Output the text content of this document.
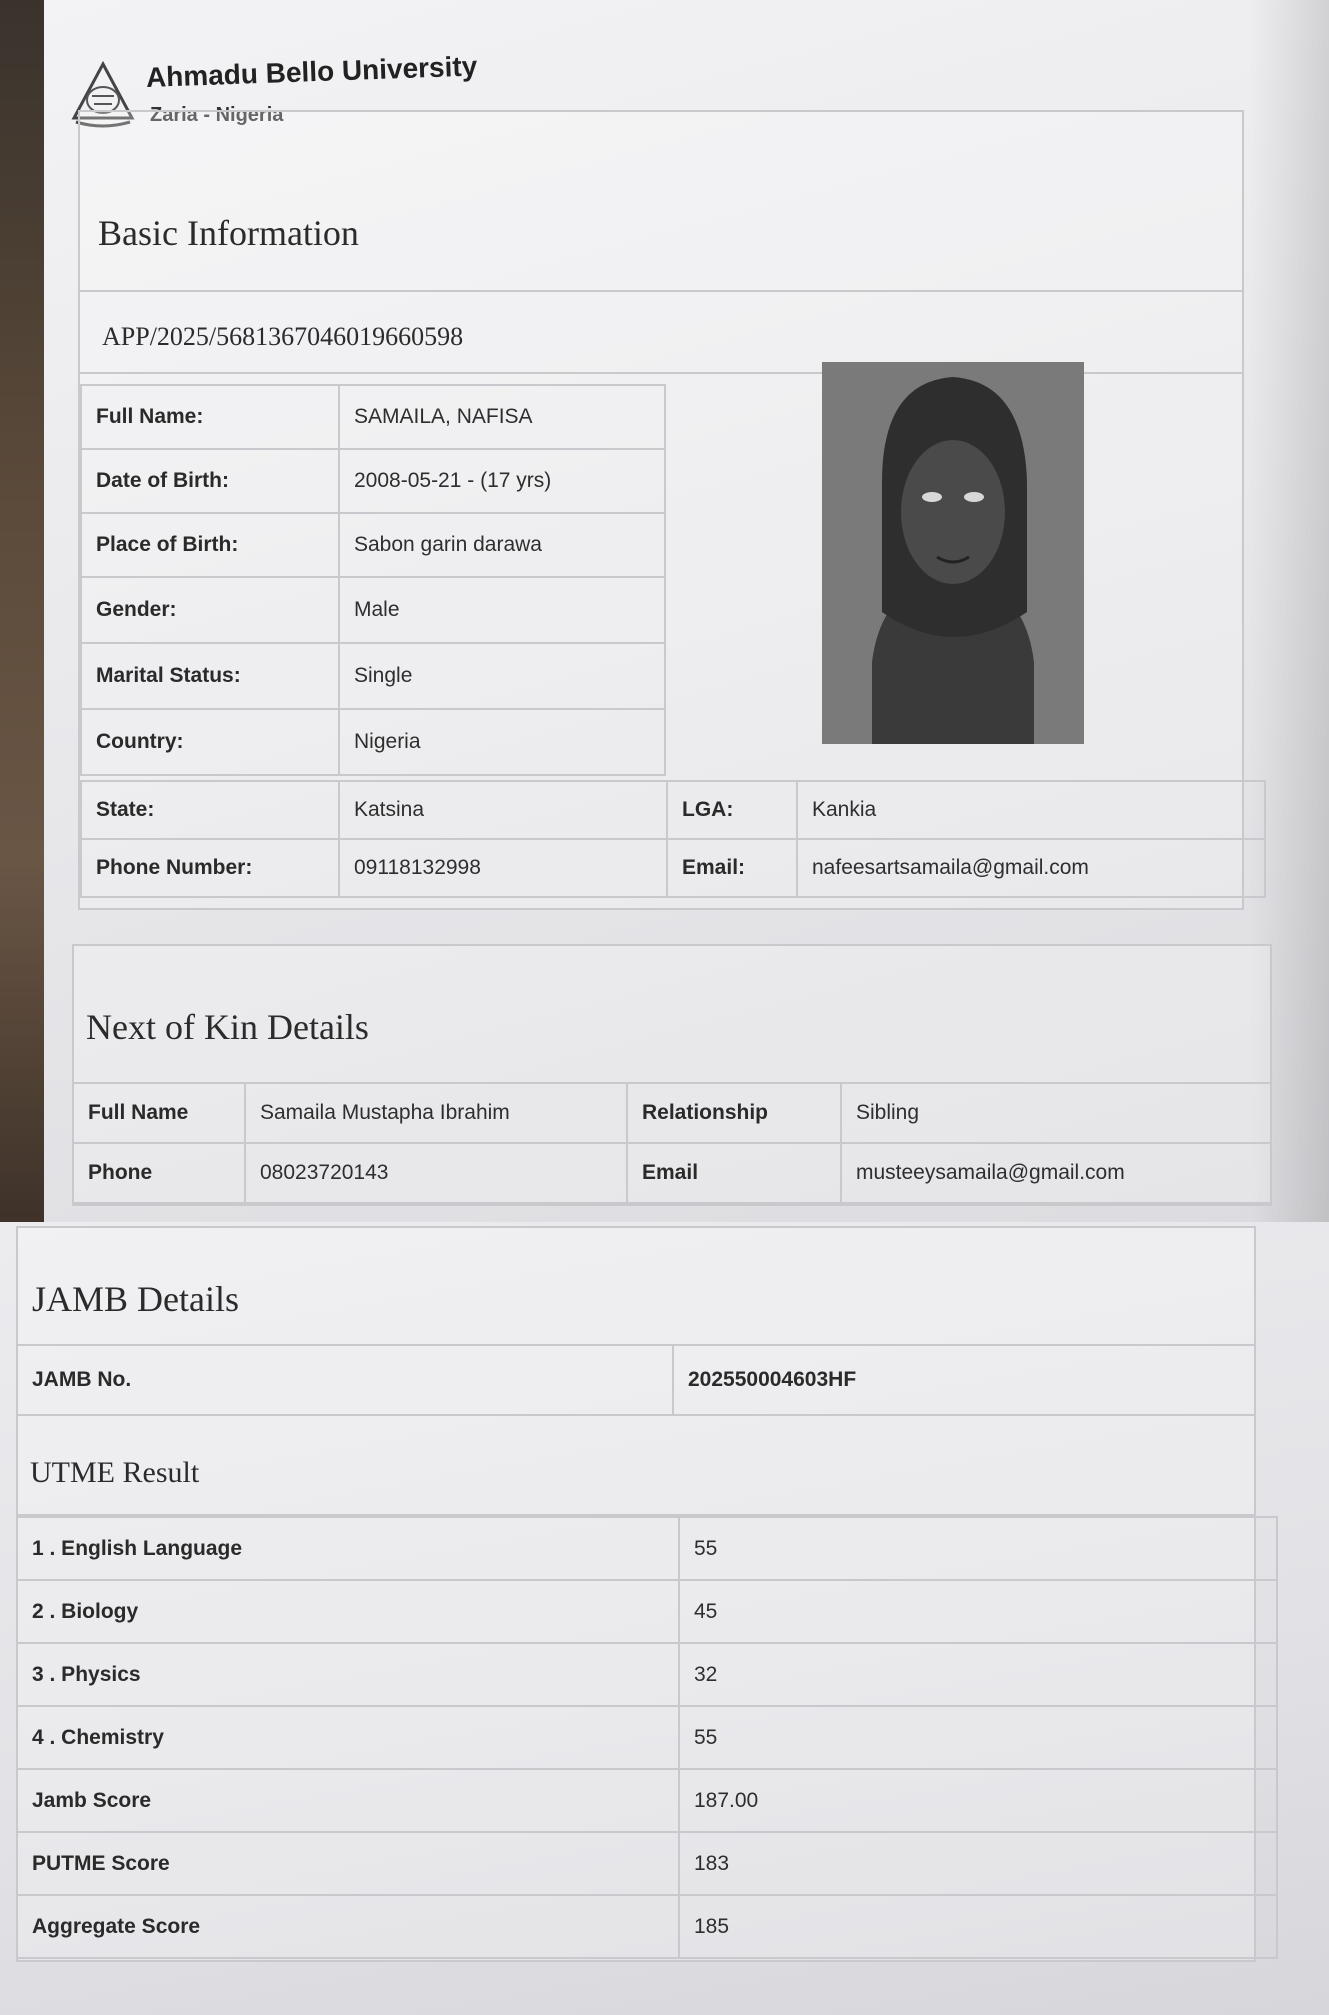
Ahmadu Bello University
Zaria - Nigeria
Basic Information
APP/2025/5681367046019660598
Full Name:	SAMAILA, NAFISA
Date of Birth:	2008-05-21 - (17 yrs)
Place of Birth:	Sabon garin darawa
Gender:	Male
Marital Status:	Single
Country:	Nigeria
State:	Katsina	LGA:	Kankia
Phone Number:	09118132998	Email:	nafeesartsamaila@gmail.com
Next of Kin Details
Full Name	Samaila Mustapha Ibrahim	Relationship	Sibling
Phone	08023720143	Email	musteeysamaila@gmail.com
JAMB Details
JAMB No.	202550004603HF
UTME Result
1 . English Language	55
2 . Biology	45
3 . Physics	32
4 . Chemistry	55
Jamb Score	187.00
PUTME Score	183
Aggregate Score	185
